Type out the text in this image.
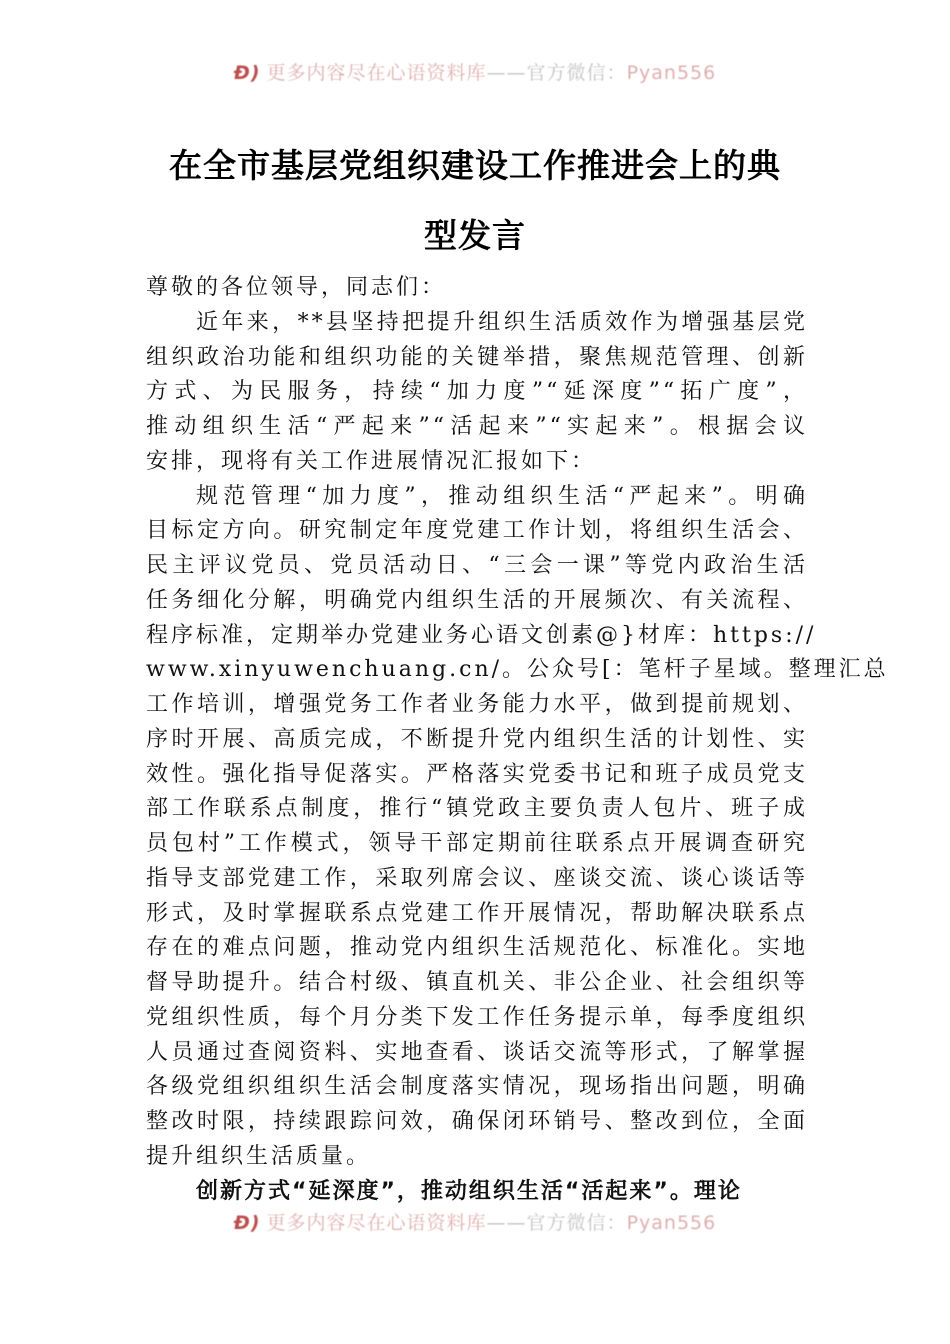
Ɖ) 更多内容尽在心语资料库——官方微信：Pyan556
在全市基层党组织建设工作推进会上的典
型发言
尊敬的各位领导，同志们：
近年来，**县坚持把提升组织生活质效作为增强基层党
组织政治功能和组织功能的关键举措，聚焦规范管理、创新
方式、为民服务，持续“加力度”“延深度”“拓广度”，
推动组织生活“严起来”“活起来”“实起来”。根据会议
安排，现将有关工作进展情况汇报如下：
规范管理“加力度”，推动组织生活“严起来”。明确
目标定方向。研究制定年度党建工作计划，将组织生活会、
民主评议党员、党员活动日、“三会一课”等党内政治生活
任务细化分解，明确党内组织生活的开展频次、有关流程、
程序标准，定期举办党建业务心语文创素@}材库：https://
www.xinyuwenchuang.cn/。公众号[：笔杆子星域。整理汇总
工作培训，增强党务工作者业务能力水平，做到提前规划、
序时开展、高质完成，不断提升党内组织生活的计划性、实
效性。强化指导促落实。严格落实党委书记和班子成员党支
部工作联系点制度，推行“镇党政主要负责人包片、班子成
员包村”工作模式，领导干部定期前往联系点开展调查研究
指导支部党建工作，采取列席会议、座谈交流、谈心谈话等
形式，及时掌握联系点党建工作开展情况，帮助解决联系点
存在的难点问题，推动党内组织生活规范化、标准化。实地
督导助提升。结合村级、镇直机关、非公企业、社会组织等
党组织性质，每个月分类下发工作任务提示单，每季度组织
人员通过查阅资料、实地查看、谈话交流等形式，了解掌握
各级党组织组织生活会制度落实情况，现场指出问题，明确
整改时限，持续跟踪问效，确保闭环销号、整改到位，全面
提升组织生活质量。
创新方式“延深度”，推动组织生活“活起来”。理论
Ɖ) 更多内容尽在心语资料库——官方微信：Pyan556
